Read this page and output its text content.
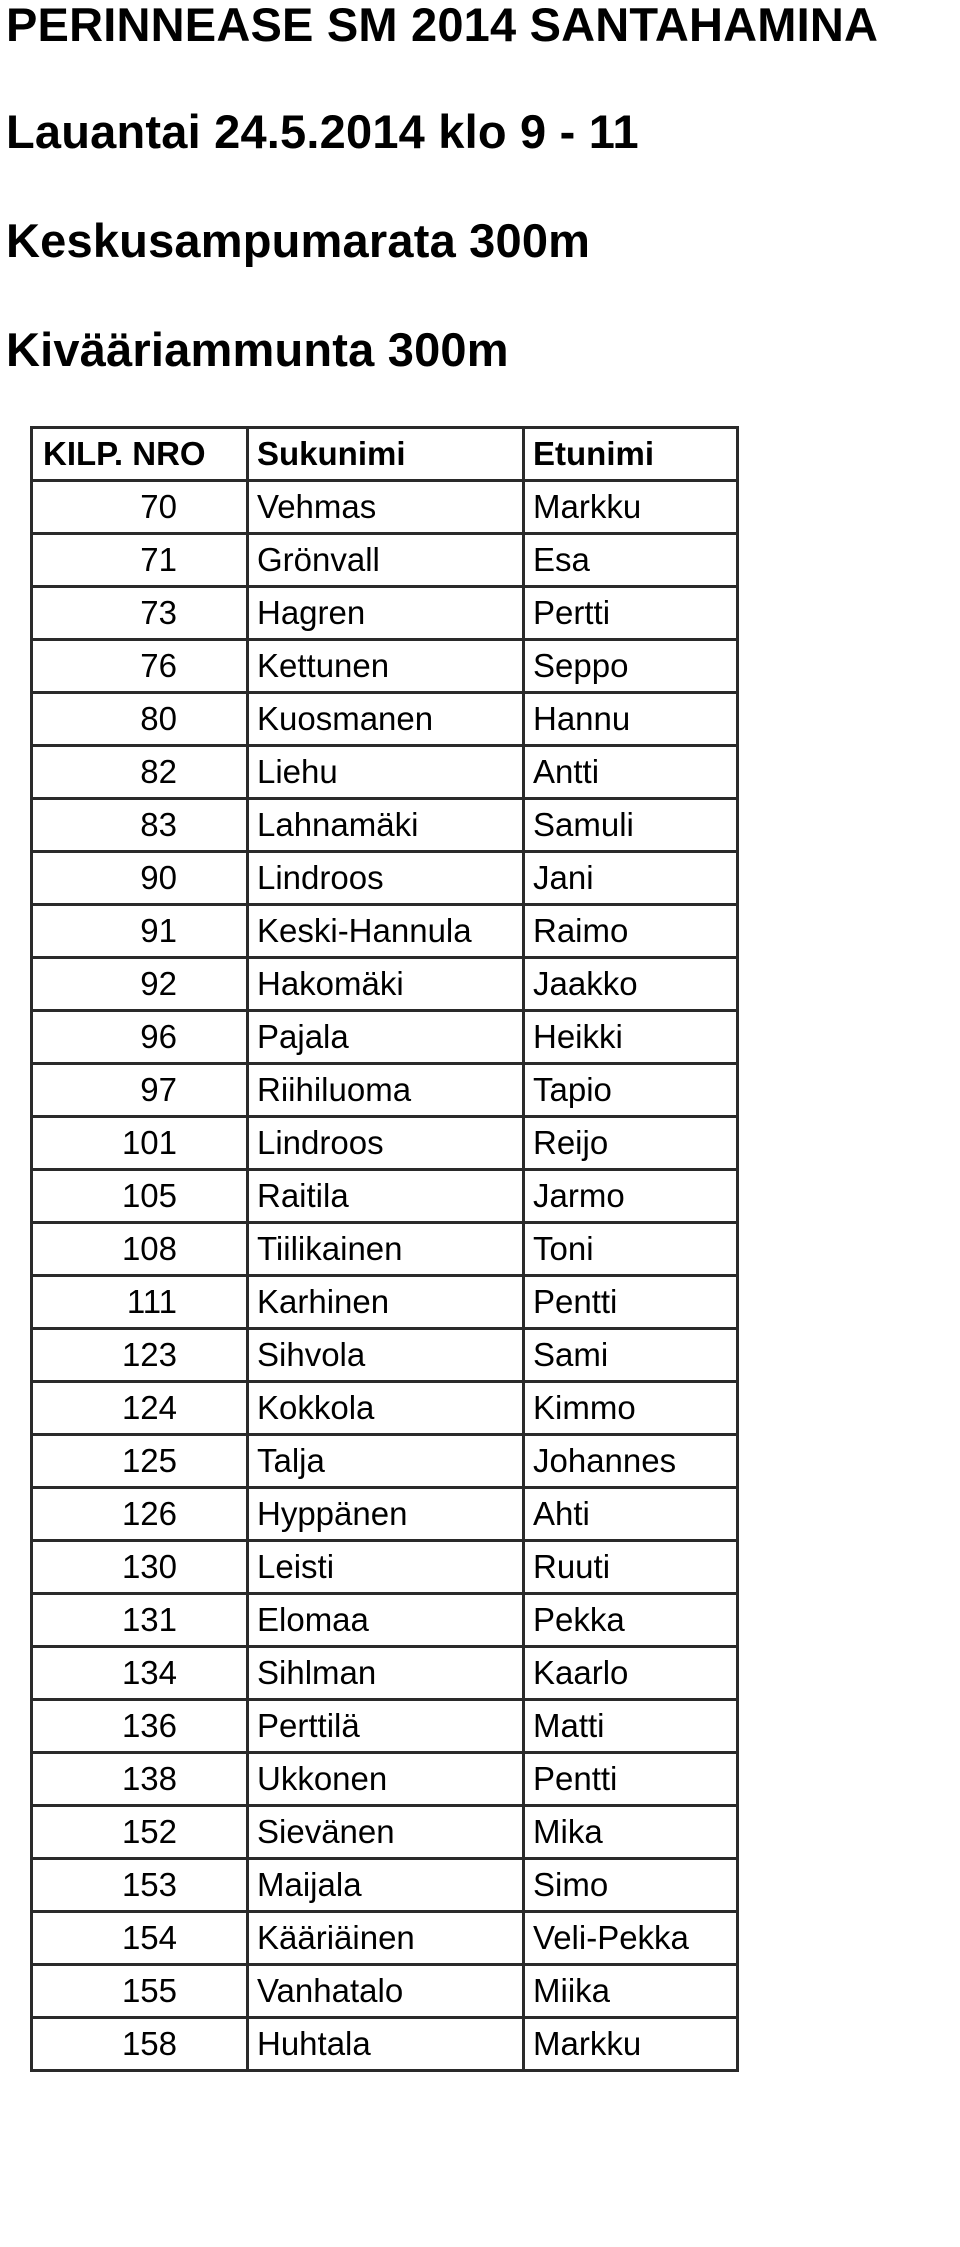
PERINNEASE SM 2014 SANTAHAMINA
Lauantai 24.5.2014 klo 9 - 11
Keskusampumarata 300m
Kivääriammunta 300m
KILP. NRO	Sukunimi	Etunimi
70	Vehmas	Markku
71	Grönvall	Esa
73	Hagren	Pertti
76	Kettunen	Seppo
80	Kuosmanen	Hannu
82	Liehu	Antti
83	Lahnamäki	Samuli
90	Lindroos	Jani
91	Keski-Hannula	Raimo
92	Hakomäki	Jaakko
96	Pajala	Heikki
97	Riihiluoma	Tapio
101	Lindroos	Reijo
105	Raitila	Jarmo
108	Tiilikainen	Toni
111	Karhinen	Pentti
123	Sihvola	Sami
124	Kokkola	Kimmo
125	Talja	Johannes
126	Hyppänen	Ahti
130	Leisti	Ruuti
131	Elomaa	Pekka
134	Sihlman	Kaarlo
136	Perttilä	Matti
138	Ukkonen	Pentti
152	Sievänen	Mika
153	Maijala	Simo
154	Kääriäinen	Veli-Pekka
155	Vanhatalo	Miika
158	Huhtala	Markku
